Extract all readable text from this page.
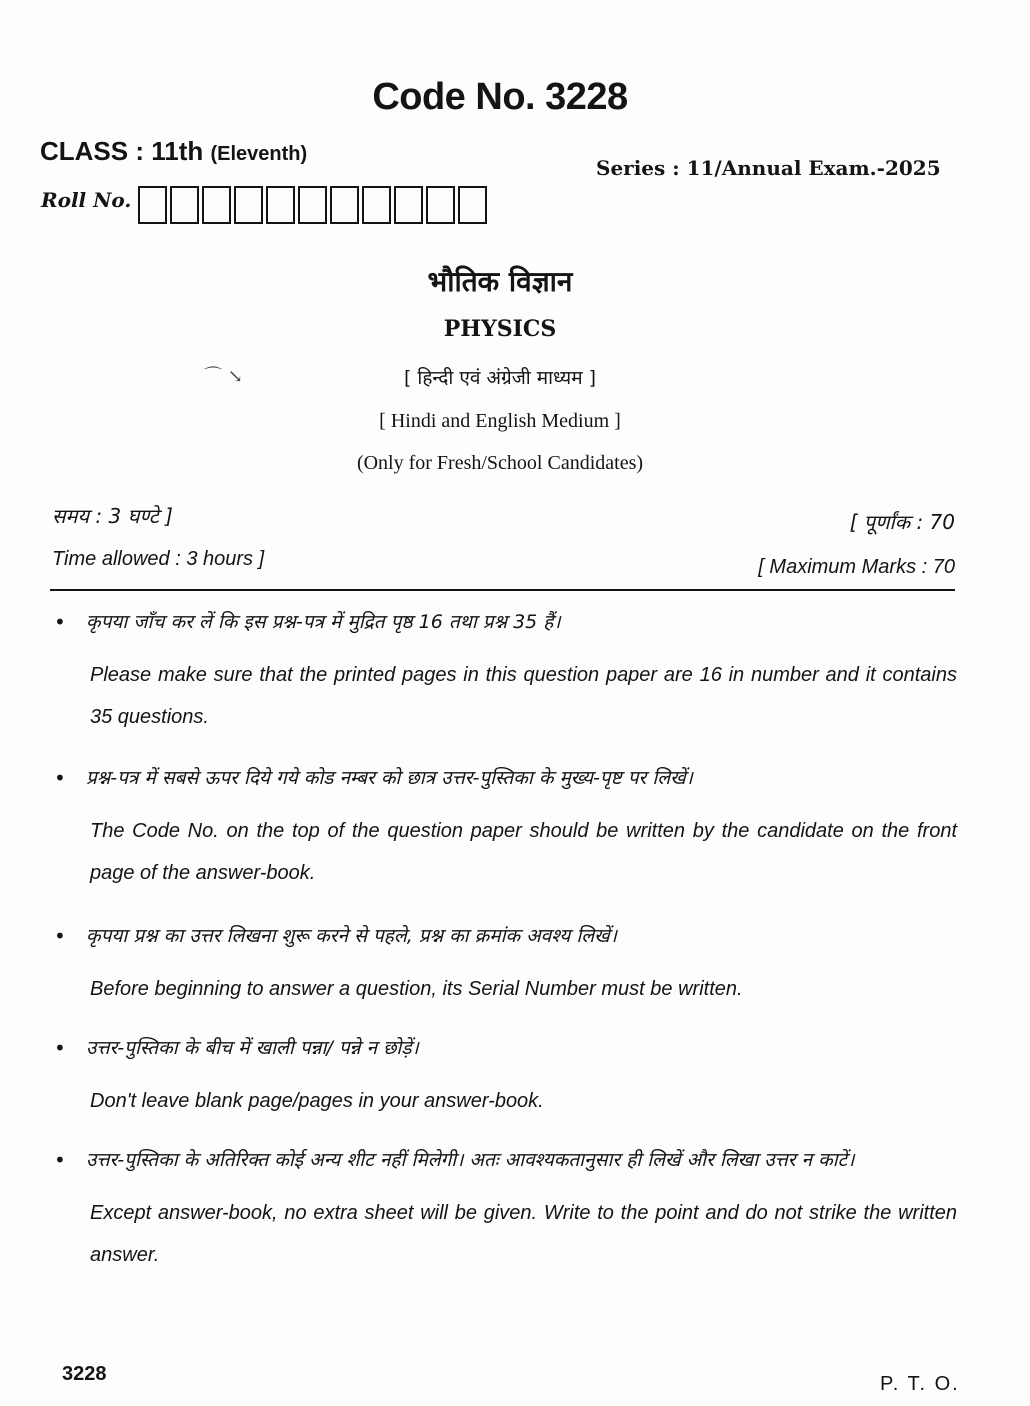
Code No. 3228
CLASS : 11th (Eleventh)
Series : 11/Annual Exam.-2025
Roll No.
भौतिक विज्ञान
PHYSICS
⌒ ↘	[ हिन्दी एवं अंग्रेजी माध्यम ]
[ Hindi and English Medium ]
(Only for Fresh/School Candidates)
समय : 3 घण्टे ]	[ पूर्णांक : 70
Time allowed : 3 hours ]	[ Maximum Marks : 70
• कृपया जाँच कर लें कि इस प्रश्न-पत्र में मुद्रित पृष्ठ 16 तथा प्रश्न 35 हैं।
Please make sure that the printed pages in this question paper are 16 in number and it contains 35 questions.
• प्रश्न-पत्र में सबसे ऊपर दिये गये कोड नम्बर को छात्र उत्तर-पुस्तिका के मुख्य-पृष्ट पर लिखें।
The Code No. on the top of the question paper should be written by the candidate on the front page of the answer-book.
• कृपया प्रश्न का उत्तर लिखना शुरू करने से पहले, प्रश्न का क्रमांक अवश्य लिखें।
Before beginning to answer a question, its Serial Number must be written.
• उत्तर-पुस्तिका के बीच में खाली पन्ना/ पन्ने न छोड़ें।
Don't leave blank page/pages in your answer-book.
• उत्तर-पुस्तिका के अतिरिक्त कोई अन्य शीट नहीं मिलेगी। अतः आवश्यकतानुसार ही लिखें और लिखा उत्तर न काटें।
Except answer-book, no extra sheet will be given. Write to the point and do not strike the written answer.
3228	P. T. O.
